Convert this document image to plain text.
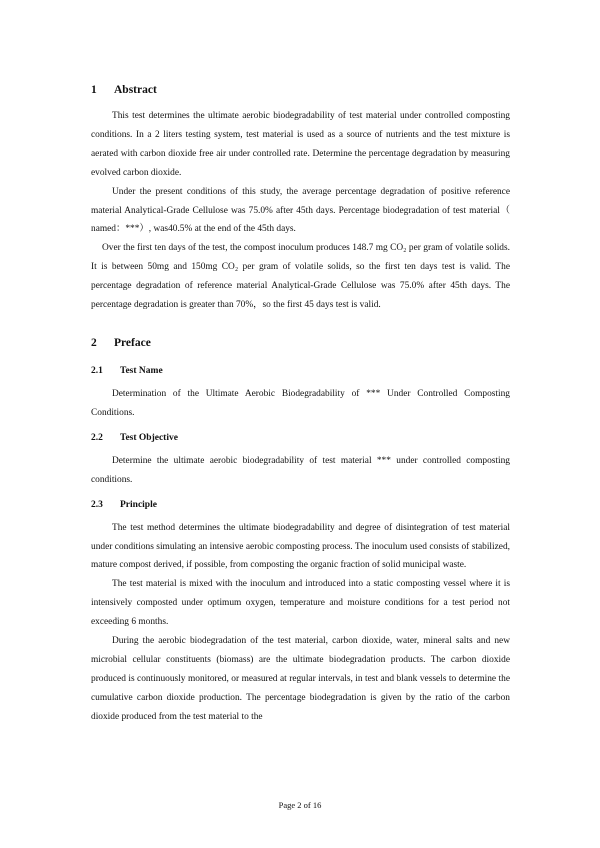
1	Abstract

This test determines the ultimate aerobic biodegradability of test material under controlled composting conditions. In a 2 liters testing system, test material is used as a source of nutrients and the test mixture is aerated with carbon dioxide free air under controlled rate. Determine the percentage degradation by measuring evolved carbon dioxide.

Under the present conditions of this study, the average percentage degradation of positive reference material Analytical-Grade Cellulose was 75.0% after 45th days. Percentage biodegradation of test material（ named：***）, was40.5% at the end of the 45th days.

Over the first ten days of the test, the compost inoculum produces 148.7 mg CO₂ per gram of volatile solids. It is between 50mg and 150mg CO₂ per gram of volatile solids, so the first ten days test is valid. The percentage degradation of reference material Analytical-Grade Cellulose was 75.0% after 45th days. The percentage degradation is greater than 70%，so the first 45 days test is valid.

2	Preface
2.1	Test Name

Determination of the Ultimate Aerobic Biodegradability of *** Under Controlled Composting Conditions.

2.2	Test Objective

Determine the ultimate aerobic biodegradability of test material *** under controlled composting conditions.

2.3	Principle

The test method determines the ultimate biodegradability and degree of disintegration of test material under conditions simulating an intensive aerobic composting process. The inoculum used consists of stabilized, mature compost derived, if possible, from composting the organic fraction of solid municipal waste.

The test material is mixed with the inoculum and introduced into a static composting vessel where it is intensively composted under optimum oxygen, temperature and moisture conditions for a test period not exceeding 6 months.

During the aerobic biodegradation of the test material, carbon dioxide, water, mineral salts and new microbial cellular constituents (biomass) are the ultimate biodegradation products. The carbon dioxide produced is continuously monitored, or measured at regular intervals, in test and blank vessels to determine the cumulative carbon dioxide production. The percentage biodegradation is given by the ratio of the carbon dioxide produced from the test material to the

Page 2 of 16
